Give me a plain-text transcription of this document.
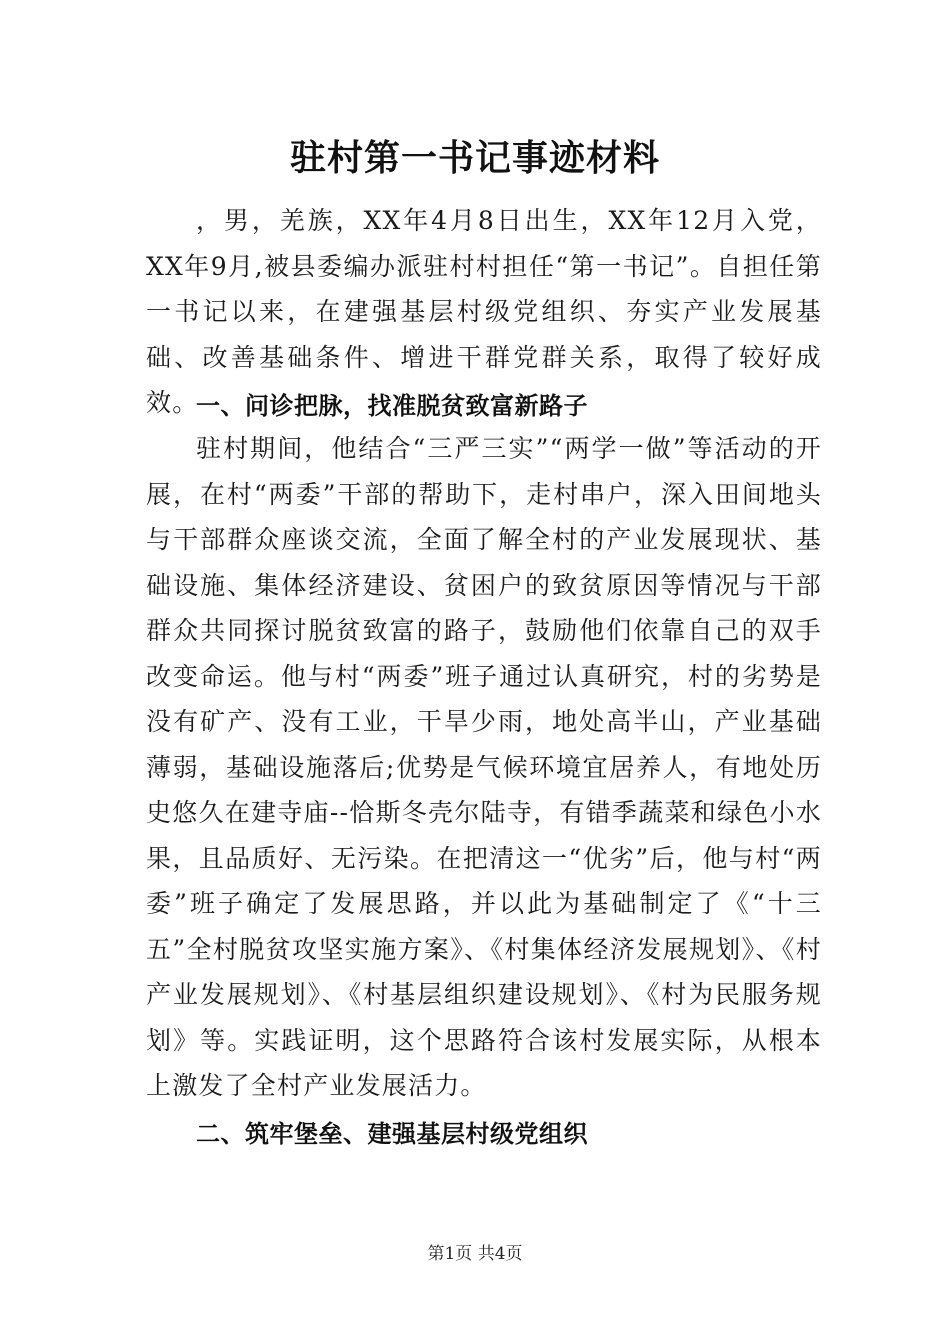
驻村第一书记事迹材料

，男，羌族，XX年4月8日出生，XX年12月入党，XX年9月,被县委编办派驻村村担任“第一书记”。自担任第一书记以来，在建强基层村级党组织、夯实产业发展基础、改善基础条件、增进干群党群关系，取得了较好成效。

一、问诊把脉，找准脱贫致富新路子

驻村期间，他结合“三严三实”“两学一做”等活动的开展，在村“两委”干部的帮助下，走村串户，深入田间地头与干部群众座谈交流，全面了解全村的产业发展现状、基础设施、集体经济建设、贫困户的致贫原因等情况与干部群众共同探讨脱贫致富的路子，鼓励他们依靠自己的双手改变命运。他与村“两委”班子通过认真研究，村的劣势是没有矿产、没有工业，干旱少雨，地处高半山，产业基础薄弱，基础设施落后;优势是气候环境宜居养人，有地处历史悠久在建寺庙--恰斯冬壳尔陆寺，有错季蔬菜和绿色小水果，且品质好、无污染。在把清这一“优劣”后，他与村“两委”班子确定了发展思路，并以此为基础制定了《“十三五”全村脱贫攻坚实施方案》、《村集体经济发展规划》、《村产业发展规划》、《村基层组织建设规划》、《村为民服务规划》等。实践证明，这个思路符合该村发展实际，从根本上激发了全村产业发展活力。

二、筑牢堡垒、建强基层村级党组织
第1页 共4页
